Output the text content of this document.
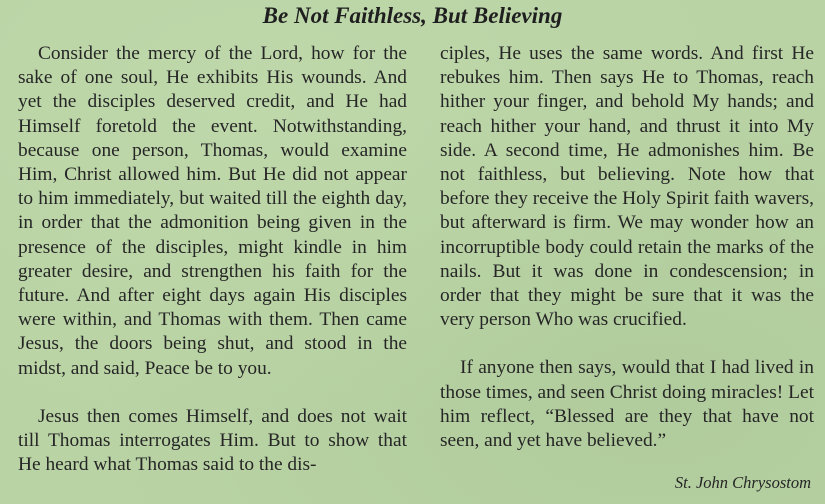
Be Not Faithless, But Believing

Consider the mercy of the Lord, how for the sake of one soul, He exhibits His wounds. And yet the disciples deserved credit, and He had Himself foretold the event. Notwithstanding, because one person, Thomas, would examine Him, Christ allowed him. But He did not appear to him immediately, but waited till the eighth day, in order that the admonition being given in the presence of the disciples, might kindle in him greater desire, and strengthen his faith for the future. And after eight days again His disciples were within, and Thomas with them. Then came Jesus, the doors being shut, and stood in the midst, and said, Peace be to you.

Jesus then comes Himself, and does not wait till Thomas interrogates Him. But to show that He heard what Thomas said to the dis-

ciples, He uses the same words. And first He rebukes him. Then says He to Thomas, reach hither your finger, and behold My hands; and reach hither your hand, and thrust it into My side. A second time, He admonishes him. Be not faithless, but believing. Note how that before they receive the Holy Spirit faith wavers, but afterward is firm. We may wonder how an incorruptible body could retain the marks of the nails. But it was done in condescension; in order that they might be sure that it was the very person Who was crucified.

If anyone then says, would that I had lived in those times, and seen Christ doing miracles! Let him reflect, “Blessed are they that have not seen, and yet have believed.”

St. John Chrysostom
